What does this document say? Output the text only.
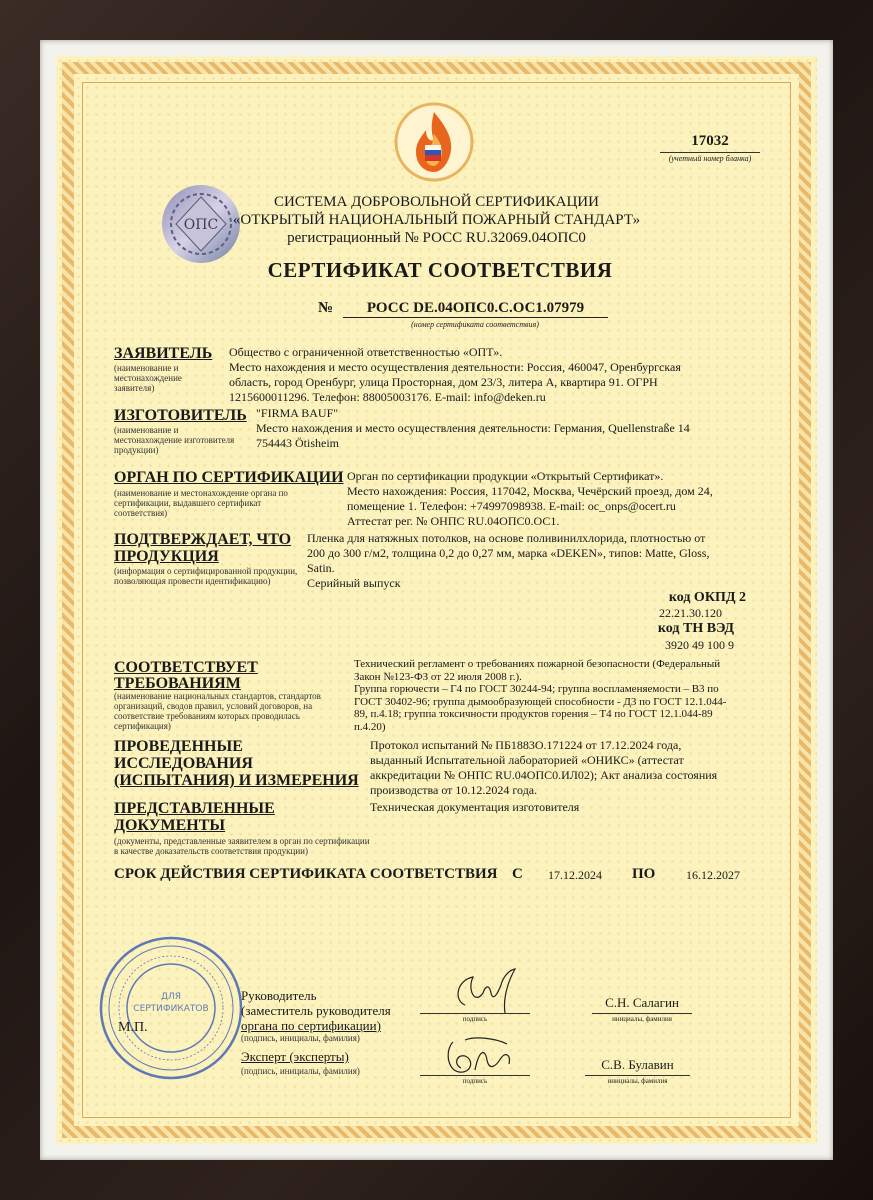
ОПС
17032
(учетный номер бланка)
СИСТЕМА ДОБРОВОЛЬНОЙ СЕРТИФИКАЦИИ
«ОТКРЫТЫЙ НАЦИОНАЛЬНЫЙ ПОЖАРНЫЙ СТАНДАРТ»
регистрационный № РОСС RU.32069.04ОПС0
СЕРТИФИКАТ СООТВЕТСТВИЯ
№	РОСС DE.04ОПС0.С.ОС1.07979
(номер сертификата соответствия)
ЗАЯВИТЕЛЬ
(наименование и местонахождение заявителя)
Общество с ограниченной ответственностью «ОПТ».
Место нахождения и место осуществления деятельности: Россия, 460047, Оренбургская
область, город Оренбург, улица Просторная, дом 23/3, литера А, квартира 91. ОГРН
1215600011296. Телефон: 88005003176. E-mail: info@deken.ru
ИЗГОТОВИТЕЛЬ
(наименование и местонахождение изготовителя продукции)
"FIRMA BAUF"
Место нахождения и место осуществления деятельности: Германия, Quellenstraße 14
754443 Ötisheim
ОРГАН ПО СЕРТИФИКАЦИИ
(наименование и местонахождение органа по сертификации, выдавшего сертификат соответствия)
Орган по сертификации продукции «Открытый Сертификат».
Место нахождения: Россия, 117042, Москва, Чечёрский проезд, дом 24,
помещение 1. Телефон: +74997098938. E-mail: oc_onps@ocert.ru
Аттестат рег. № ОНПС RU.04ОПС0.ОС1.
ПОДТВЕРЖДАЕТ, ЧТО
ПРОДУКЦИЯ
(информация о сертифицированной продукции, позволяющая провести идентификацию)
Пленка для натяжных потолков, на основе поливинилхлорида, плотностью от
200 до 300 г/м2, толщина 0,2 до 0,27 мм, марка «DEKEN», типов: Matte, Gloss,
Satin.
Серийный выпуск
код ОКПД 2
22.21.30.120
код ТН ВЭД
3920 49 100 9
СООТВЕТСТВУЕТ
ТРЕБОВАНИЯМ
(наименование национальных стандартов, стандартов организаций, сводов правил, условий договоров, на соответствие требованиям которых проводилась сертификация)
Технический регламент о требованиях пожарной безопасности (Федеральный
Закон №123-ФЗ от 22 июля 2008 г.).
Группа горючести – Г4 по ГОСТ 30244-94; группа воспламеняемости – В3 по
ГОСТ 30402-96; группа дымообразующей способности - Д3 по ГОСТ 12.1.044-
89, п.4.18; группа токсичности продуктов горения – Т4 по ГОСТ 12.1.044-89
п.4.20)
ПРОВЕДЕННЫЕ
ИССЛЕДОВАНИЯ
(ИСПЫТАНИЯ) И ИЗМЕРЕНИЯ
Протокол испытаний № ПБ1883О.171224 от 17.12.2024 года,
выданный Испытательной лабораторией «ОНИКС» (аттестат
аккредитации № ОНПС RU.04ОПС0.ИЛ02); Акт анализа состояния
производства от 10.12.2024 года.
ПРЕДСТАВЛЕННЫЕ
ДОКУМЕНТЫ
(документы, представленные заявителем в орган по сертификации в качестве доказательств соответствия продукции)
Техническая документация изготовителя
СРОК ДЕЙСТВИЯ СЕРТИФИКАТА СООТВЕТСТВИЯ С 17.12.2024 ПО	16.12.2027
ДЛЯ
СЕРТИФИКАТОВ
М.П.
Руководитель
(заместитель руководителя
органа по сертификации)
(подпись, инициалы, фамилия)
Эксперт (эксперты)
(подпись, инициалы, фамилия)
подпись
С.Н. Салагин
инициалы, фамилия
подпись
С.В. Булавин
инициалы, фамилия
